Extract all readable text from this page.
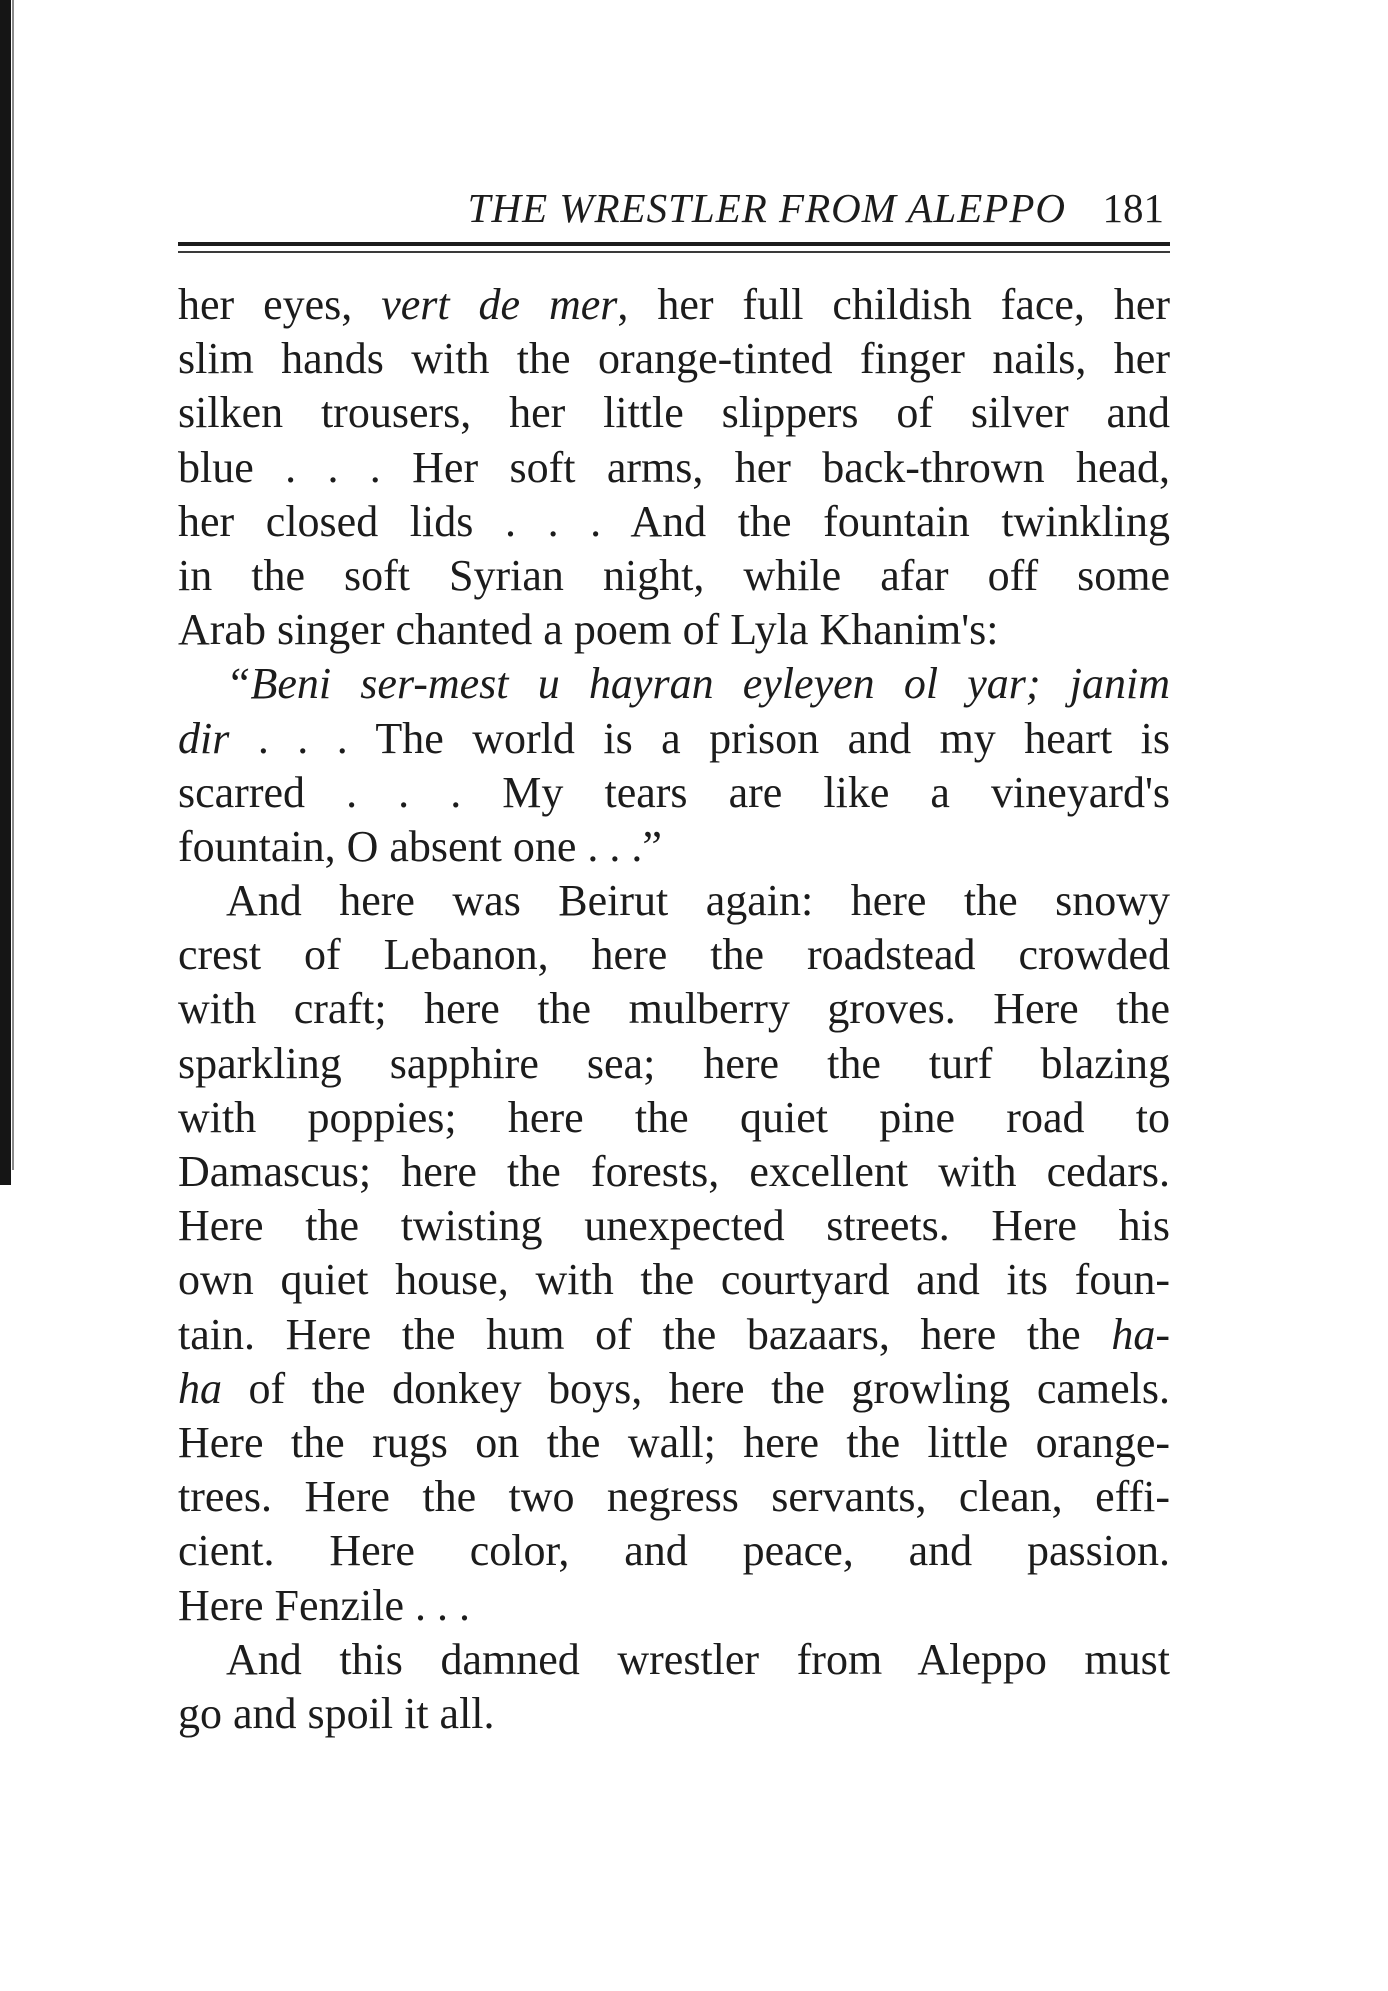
THE WRESTLER FROM ALEPPO 181
her eyes, vert de mer, her full childish face, her
slim hands with the orange-tinted finger nails, her
silken trousers, her little slippers of silver and
blue . . . Her soft arms, her back-thrown head,
her closed lids . . . And the fountain twinkling
in the soft Syrian night, while afar off some
Arab singer chanted a poem of Lyla Khanim's:
“Beni ser-mest u hayran eyleyen ol yar; janim
dir . . . The world is a prison and my heart is
scarred . . . My tears are like a vineyard's
fountain, O absent one . . .”
And here was Beirut again: here the snowy
crest of Lebanon, here the roadstead crowded
with craft; here the mulberry groves. Here the
sparkling sapphire sea; here the turf blazing
with poppies; here the quiet pine road to
Damascus; here the forests, excellent with cedars.
Here the twisting unexpected streets. Here his
own quiet house, with the courtyard and its foun-
tain. Here the hum of the bazaars, here the ha-
ha of the donkey boys, here the growling camels.
Here the rugs on the wall; here the little orange-
trees. Here the two negress servants, clean, effi-
cient. Here color, and peace, and passion.
Here Fenzile . . .
And this damned wrestler from Aleppo must
go and spoil it all.
